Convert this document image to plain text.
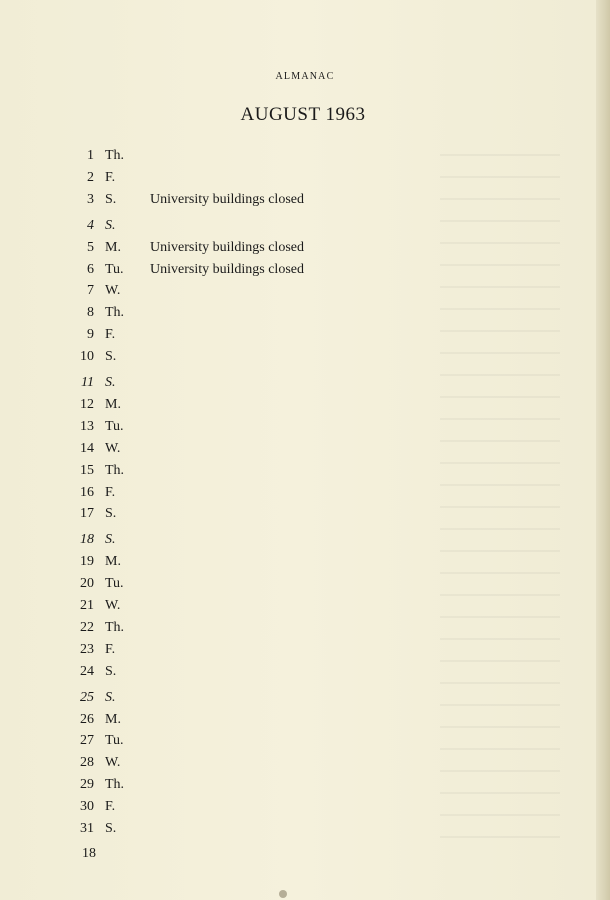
ALMANAC
AUGUST 1963
1 Th.
2 F.
3 S. University buildings closed
4 S.
5 M. University buildings closed
6 Tu. University buildings closed
7 W.
8 Th.
9 F.
10 S.
11 S.
12 M.
13 Tu.
14 W.
15 Th.
16 F.
17 S.
18 S.
19 M.
20 Tu.
21 W.
22 Th.
23 F.
24 S.
25 S.
26 M.
27 Tu.
28 W.
29 Th.
30 F.
31 S.
18
